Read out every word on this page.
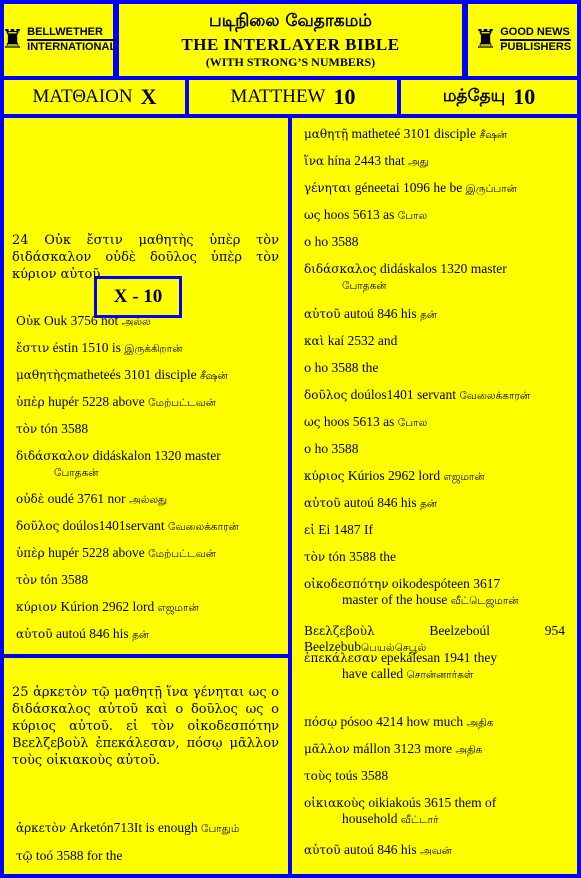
♜ BELLWETHER
INTERNATIONAL
படிநிலை வேதாகமம்
THE INTERLAYER BIBLE
(WITH STRONG’S NUMBERS)
♜ GOOD NEWS
PUBLISHERS
ΜΑΤΘΑΙΟΝ X	MATTHEW 10	மத்தேயு 10
X - 10

24 Οὐκ ἔστιν μαθητὴς ὑπὲρ τὸν διδάσκαλον οὐδὲ δοῦλος ὑπὲρ τὸν κύριον αὐτοῦ.

Οὐκ Ouk 3756 not அல்ல
ἔστιν éstin 1510 is இருக்கிறான்
μαθητὴςmatheteés 3101 disciple சீஷன்
ὑπὲρ hupér 5228 above மேற்பட்டவன்
τὸν tón 3588
διδάσκαλον didáskalon 1320 master
போதகன்
οὐδὲ oudé 3761 nor அல்லது
δοῦλος doúlos1401servant வேலைக்காரன்
ὑπὲρ hupér 5228 above மேற்பட்டவன்
τὸν tón 3588
κύριον Kúrion 2962 lord எஜமான்
αὐτοῦ autoú 846 his தன்

25 ἀρκετὸν τῷ μαθητῇ ἵνα γένηται ως ο διδάσκαλος αὐτοῦ καὶ ο δοῦλος ως ο κύριος αὐτοῦ. εἰ τὸν οἰκοδεσπότην Βεελζεβοὺλ ἐπεκάλεσαν, πόσῳ μᾶλλον τοὺς οἰκιακοὺς αὐτοῦ.

ἀρκετὸν Arketón713It is enough போதும்
τῷ toó 3588 for the
μαθητῇ matheteé 3101 disciple சீஷன்
ἵνα hína 2443 that அது
γένηται géneetai 1096 he be இருப்பான்
ως hoos 5613 as போல
ο ho 3588
διδάσκαλος didáskalos 1320 master
போதகன்
αὐτοῦ autoú 846 his தன்
καὶ kaí 2532 and
ο ho 3588 the
δοῦλος doúlos1401 servant வேலைக்காரன்
ως hoos 5613 as போல
ο ho 3588
κύριος Kúrios 2962 lord எஜமான்
αὐτοῦ autoú 846 his தன்
εἰ Ei 1487 If
τὸν tón 3588 the
οἰκοδεσπότην oikodespóteen 3617
master of the house வீட்டெஜமான்
Βεελζεβοὺλ Beelzeboúl 954 Beelzebubபெயல்செபூல்
ἐπεκάλεσαν epekálesan 1941 they
have called சொன்னார்கள்
πόσῳ pósoo 4214 how much அதிக
μᾶλλον mállon 3123 more அதிக
τοὺς toús 3588
οἰκιακοὺς oikiakoús 3615 them of
household வீட்டார்
αὐτοῦ autoú 846 his அவன்
